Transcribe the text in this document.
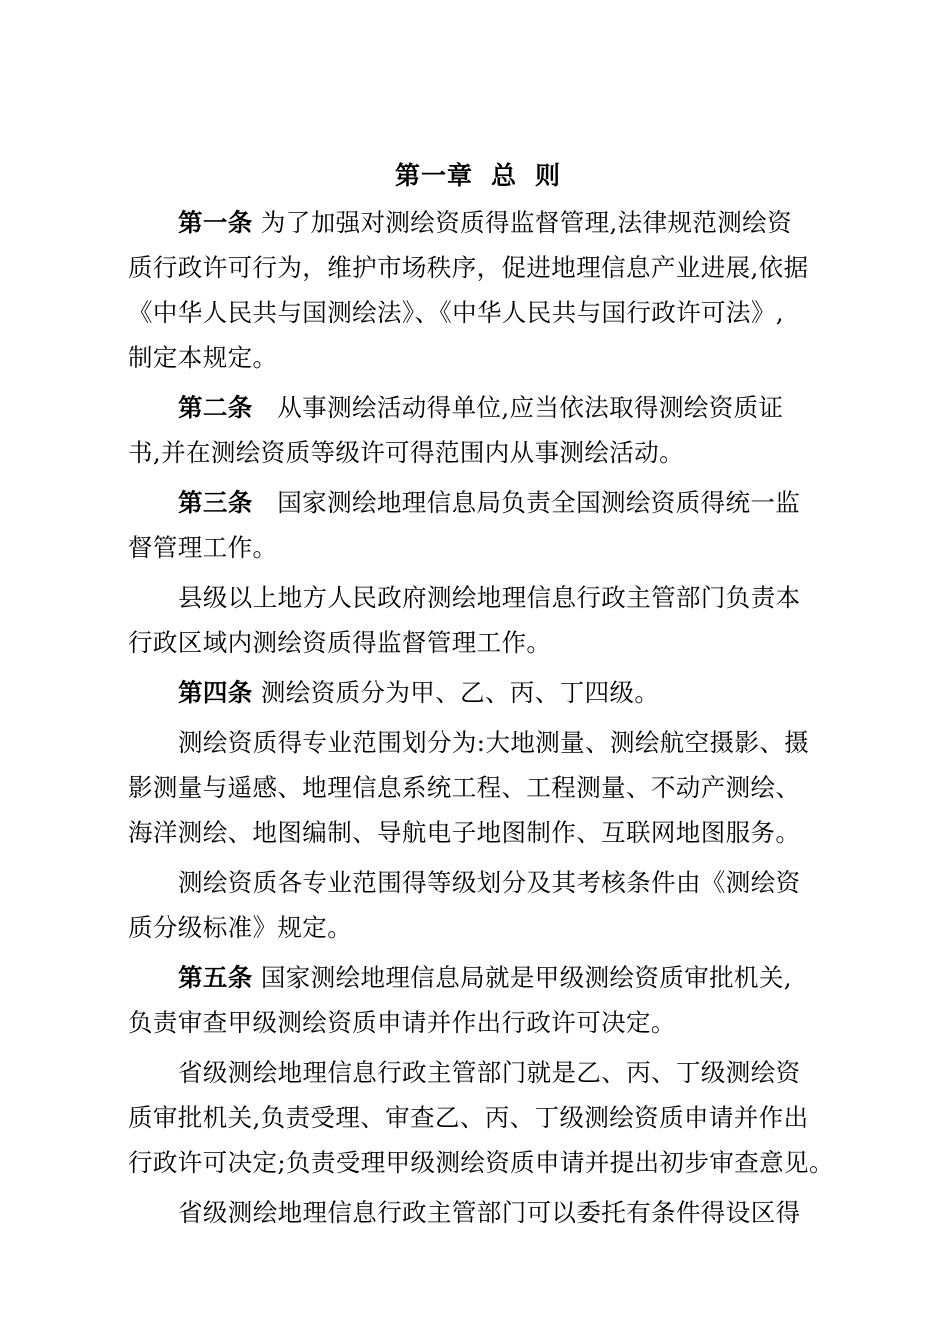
第一章 总 则
第一条 为了加强对测绘资质得监督管理,法律规范测绘资
质行政许可行为，维护市场秩序，促进地理信息产业进展,依据
《中华人民共与国测绘法》、《中华人民共与国行政许可法》,
制定本规定。
第二条   从事测绘活动得单位,应当依法取得测绘资质证
书,并在测绘资质等级许可得范围内从事测绘活动。
第三条   国家测绘地理信息局负责全国测绘资质得统一监
督管理工作。
县级以上地方人民政府测绘地理信息行政主管部门负责本
行政区域内测绘资质得监督管理工作。
第四条 测绘资质分为甲、乙、丙、丁四级。
测绘资质得专业范围划分为:大地测量、测绘航空摄影、摄
影测量与遥感、地理信息系统工程、工程测量、不动产测绘、
海洋测绘、地图编制、导航电子地图制作、互联网地图服务。
测绘资质各专业范围得等级划分及其考核条件由《测绘资
质分级标准》规定。
第五条 国家测绘地理信息局就是甲级测绘资质审批机关,
负责审查甲级测绘资质申请并作出行政许可决定。
省级测绘地理信息行政主管部门就是乙、丙、丁级测绘资
质审批机关,负责受理、审查乙、丙、丁级测绘资质申请并作出
行政许可决定;负责受理甲级测绘资质申请并提出初步审查意见。
省级测绘地理信息行政主管部门可以委托有条件得设区得
